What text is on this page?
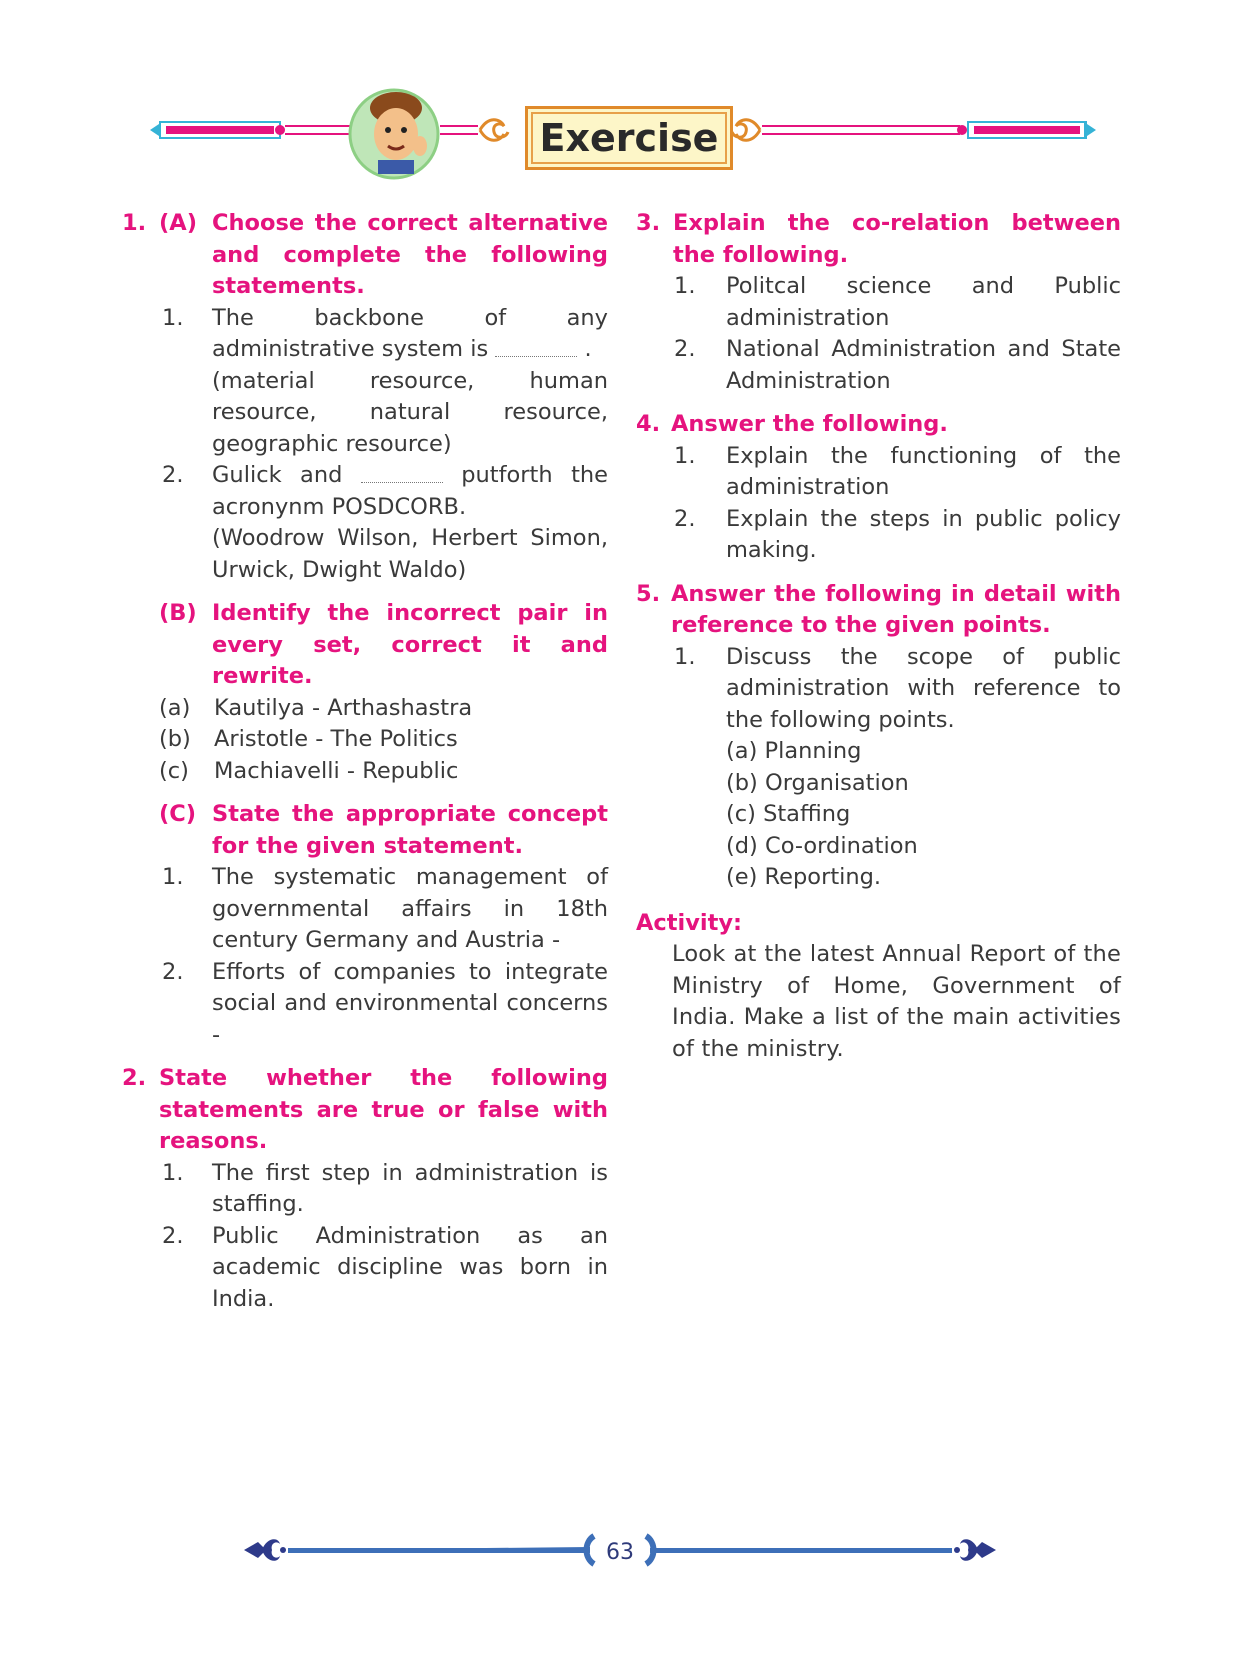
Exercise
1. (A) Choose the correct alternative and complete the following statements.
1. The backbone of any administrative system is	.
(material resource, human resource, natural resource, geographic resource)
2. Gulick and	putforth the acronynm POSDCORB.
(Woodrow Wilson, Herbert Simon, Urwick, Dwight Waldo)
(B) Identify the incorrect pair in every set, correct it and rewrite.
(a) Kautilya - Arthashastra
(b) Aristotle - The Politics
(c) Machiavelli - Republic
(C) State the appropriate concept for the given statement.
1. The systematic management of governmental affairs in 18th century Germany and Austria -
2. Efforts of companies to integrate social and environmental concerns -
2. State whether the following statements are true or false with reasons.
1. The first step in administration is staffing.
2. Public Administration as an academic discipline was born in India.
3. Explain the co-relation between the following.
1. Politcal science and Public administration
2. National Administration and State Administration
4. Answer the following.
1. Explain the functioning of the administration
2. Explain the steps in public policy making.
5. Answer the following in detail with reference to the given points.
1. Discuss the scope of public administration with reference to the following points.
(a) Planning
(b) Organisation
(c) Staffing
(d) Co-ordination
(e) Reporting.
Activity:
Look at the latest Annual Report of the Ministry of Home, Government of India. Make a list of the main activities of the ministry.
63
